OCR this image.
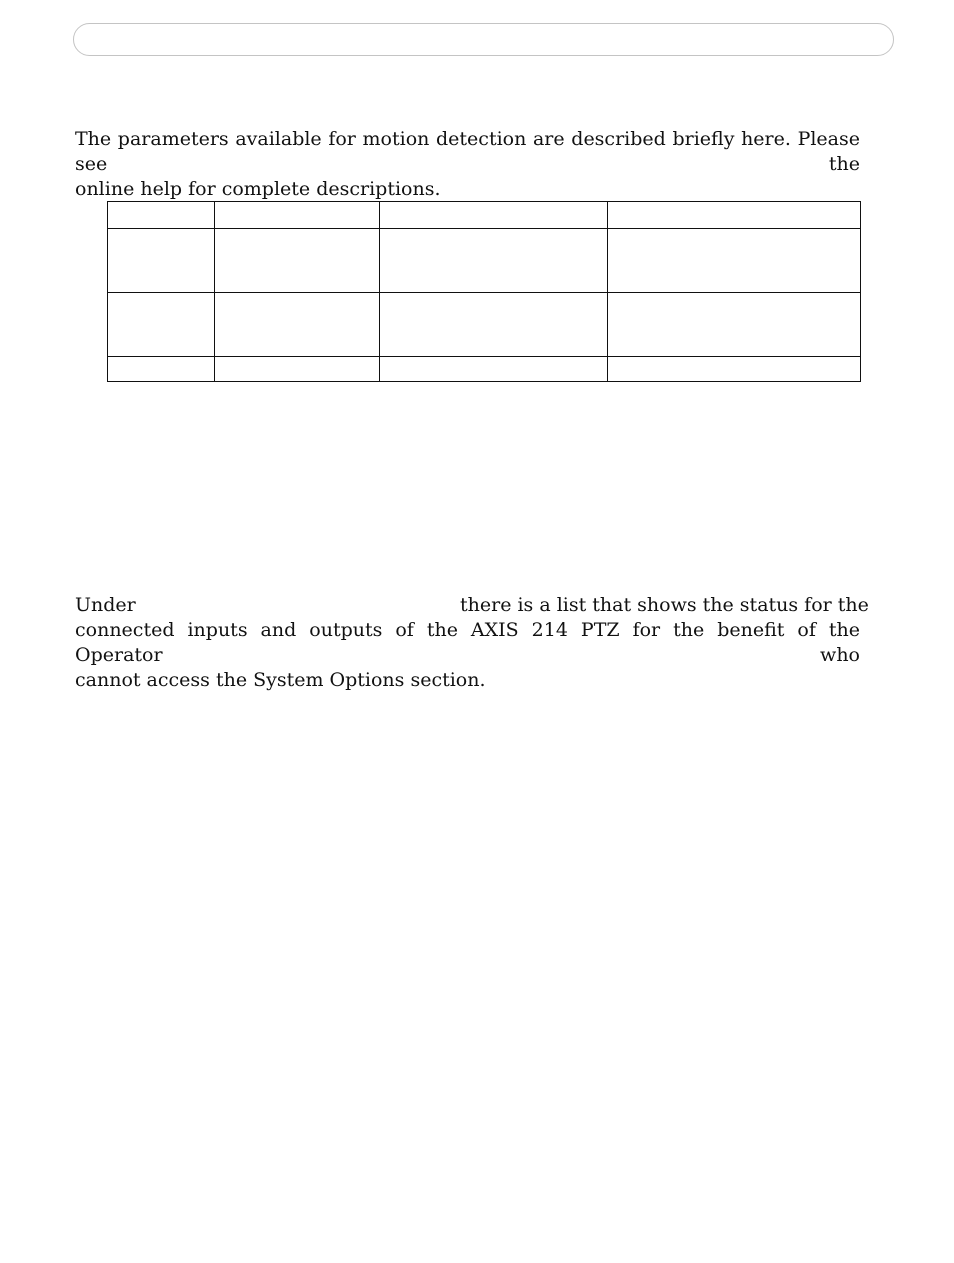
The parameters available for motion detection are described briefly here. Please see the
online help for complete descriptions.

Under	there is a list that shows the status for the
connected inputs and outputs of the AXIS 214 PTZ for the benefit of the Operator who
cannot access the System Options section.
